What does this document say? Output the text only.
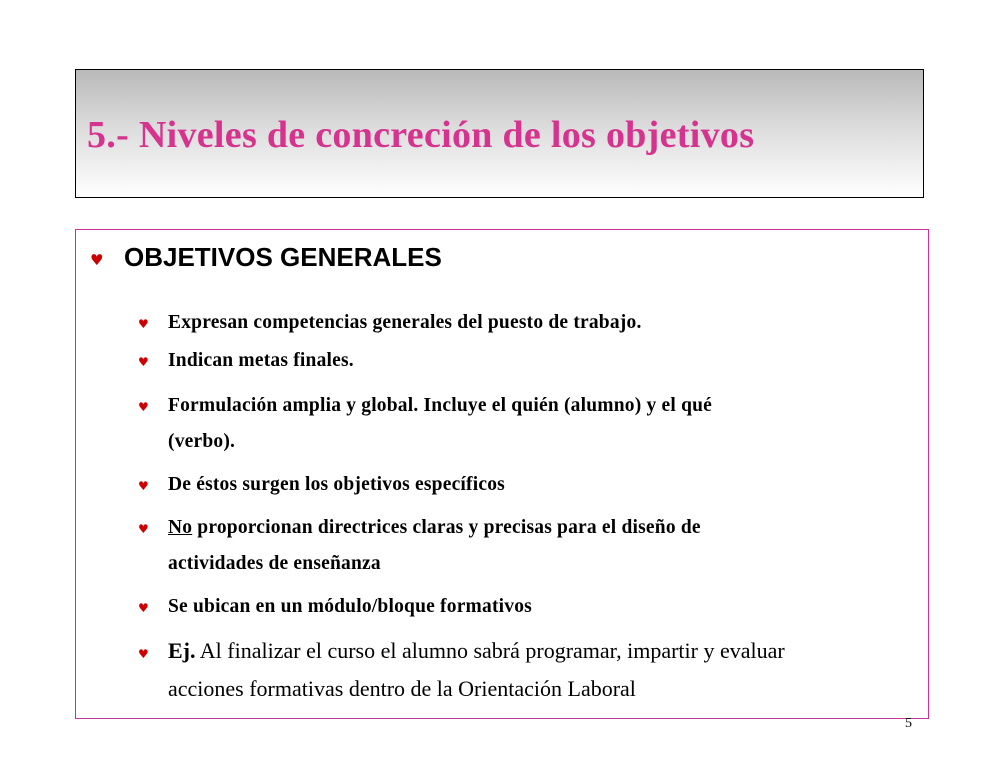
5.- Niveles de concreción de los objetivos
♥ OBJETIVOS GENERALES
♥ Expresan competencias generales del puesto de trabajo.
♥ Indican metas finales.
♥ Formulación amplia y global. Incluye el quién (alumno) y el qué
(verbo).
♥ De éstos surgen los objetivos específicos
♥ No proporcionan directrices claras y precisas para el diseño de
actividades de enseñanza
♥ Se ubican en un módulo/bloque formativos
♥ Ej. Al finalizar el curso el alumno sabrá programar, impartir y evaluar
acciones formativas dentro de la Orientación Laboral
5
